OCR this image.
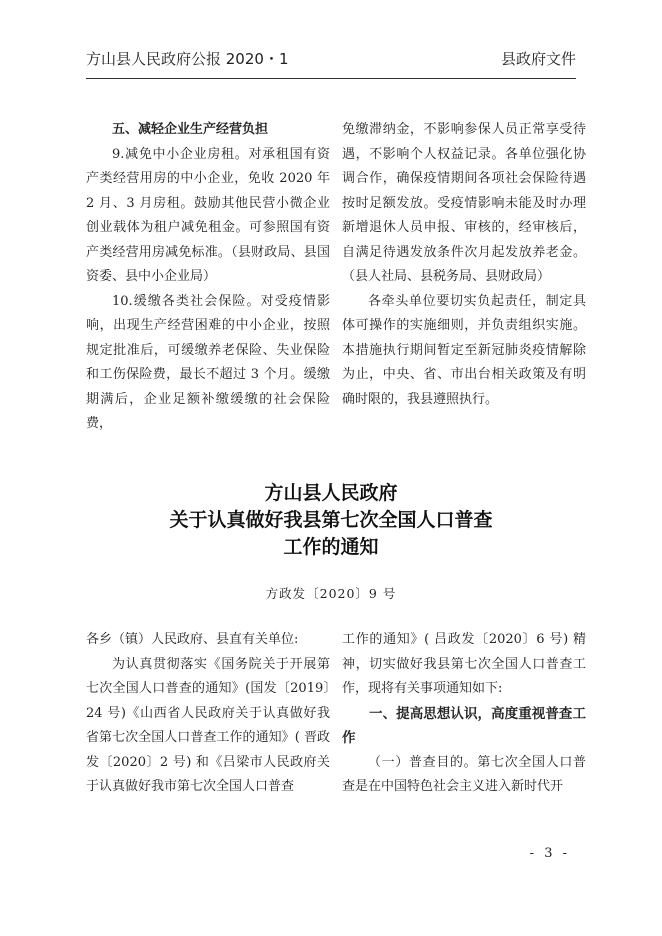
方山县人民政府公报 2020・1	县政府文件

五、减轻企业生产经营负担

9.减免中小企业房租。对承租国有资产类经营用房的中小企业，免收 2020 年 2 月、3 月房租。鼓励其他民营小微企业创业载体为租户减免租金。可参照国有资产类经营用房减免标准。（县财政局、县国资委、县中小企业局）

10.缓缴各类社会保险。对受疫情影响，出现生产经营困难的中小企业，按照规定批准后，可缓缴养老保险、失业保险和工伤保险费，最长不超过 3 个月。缓缴期满后，企业足额补缴缓缴的社会保险费，

免缴滞纳金，不影响参保人员正常享受待遇，不影响个人权益记录。各单位强化协调合作，确保疫情期间各项社会保险待遇按时足额发放。受疫情影响未能及时办理新增退休人员申报、审核的，经审核后，自满足待遇发放条件次月起发放养老金。（县人社局、县税务局、县财政局）

各牵头单位要切实负起责任，制定具体可操作的实施细则，并负责组织实施。本措施执行期间暂定至新冠肺炎疫情解除为止，中央、省、市出台相关政策及有明确时限的，我县遵照执行。

方山县人民政府
关于认真做好我县第七次全国人口普查
工作的通知
方政发〔2020〕9 号

各乡（镇）人民政府、县直有关单位:

为认真贯彻落实《国务院关于开展第七次全国人口普查的通知》(国发〔2019〕24 号)《山西省人民政府关于认真做好我省第七次全国人口普查工作的通知》( 晋政发〔2020〕2 号) 和《吕梁市人民政府关于认真做好我市第七次全国人口普查

工作的通知》( 吕政发〔2020〕6 号) 精神，切实做好我县第七次全国人口普查工作，现将有关事项通知如下:

一、提高思想认识，高度重视普查工作

（一）普查目的。第七次全国人口普查是在中国特色社会主义进入新时代开

- 3 -
